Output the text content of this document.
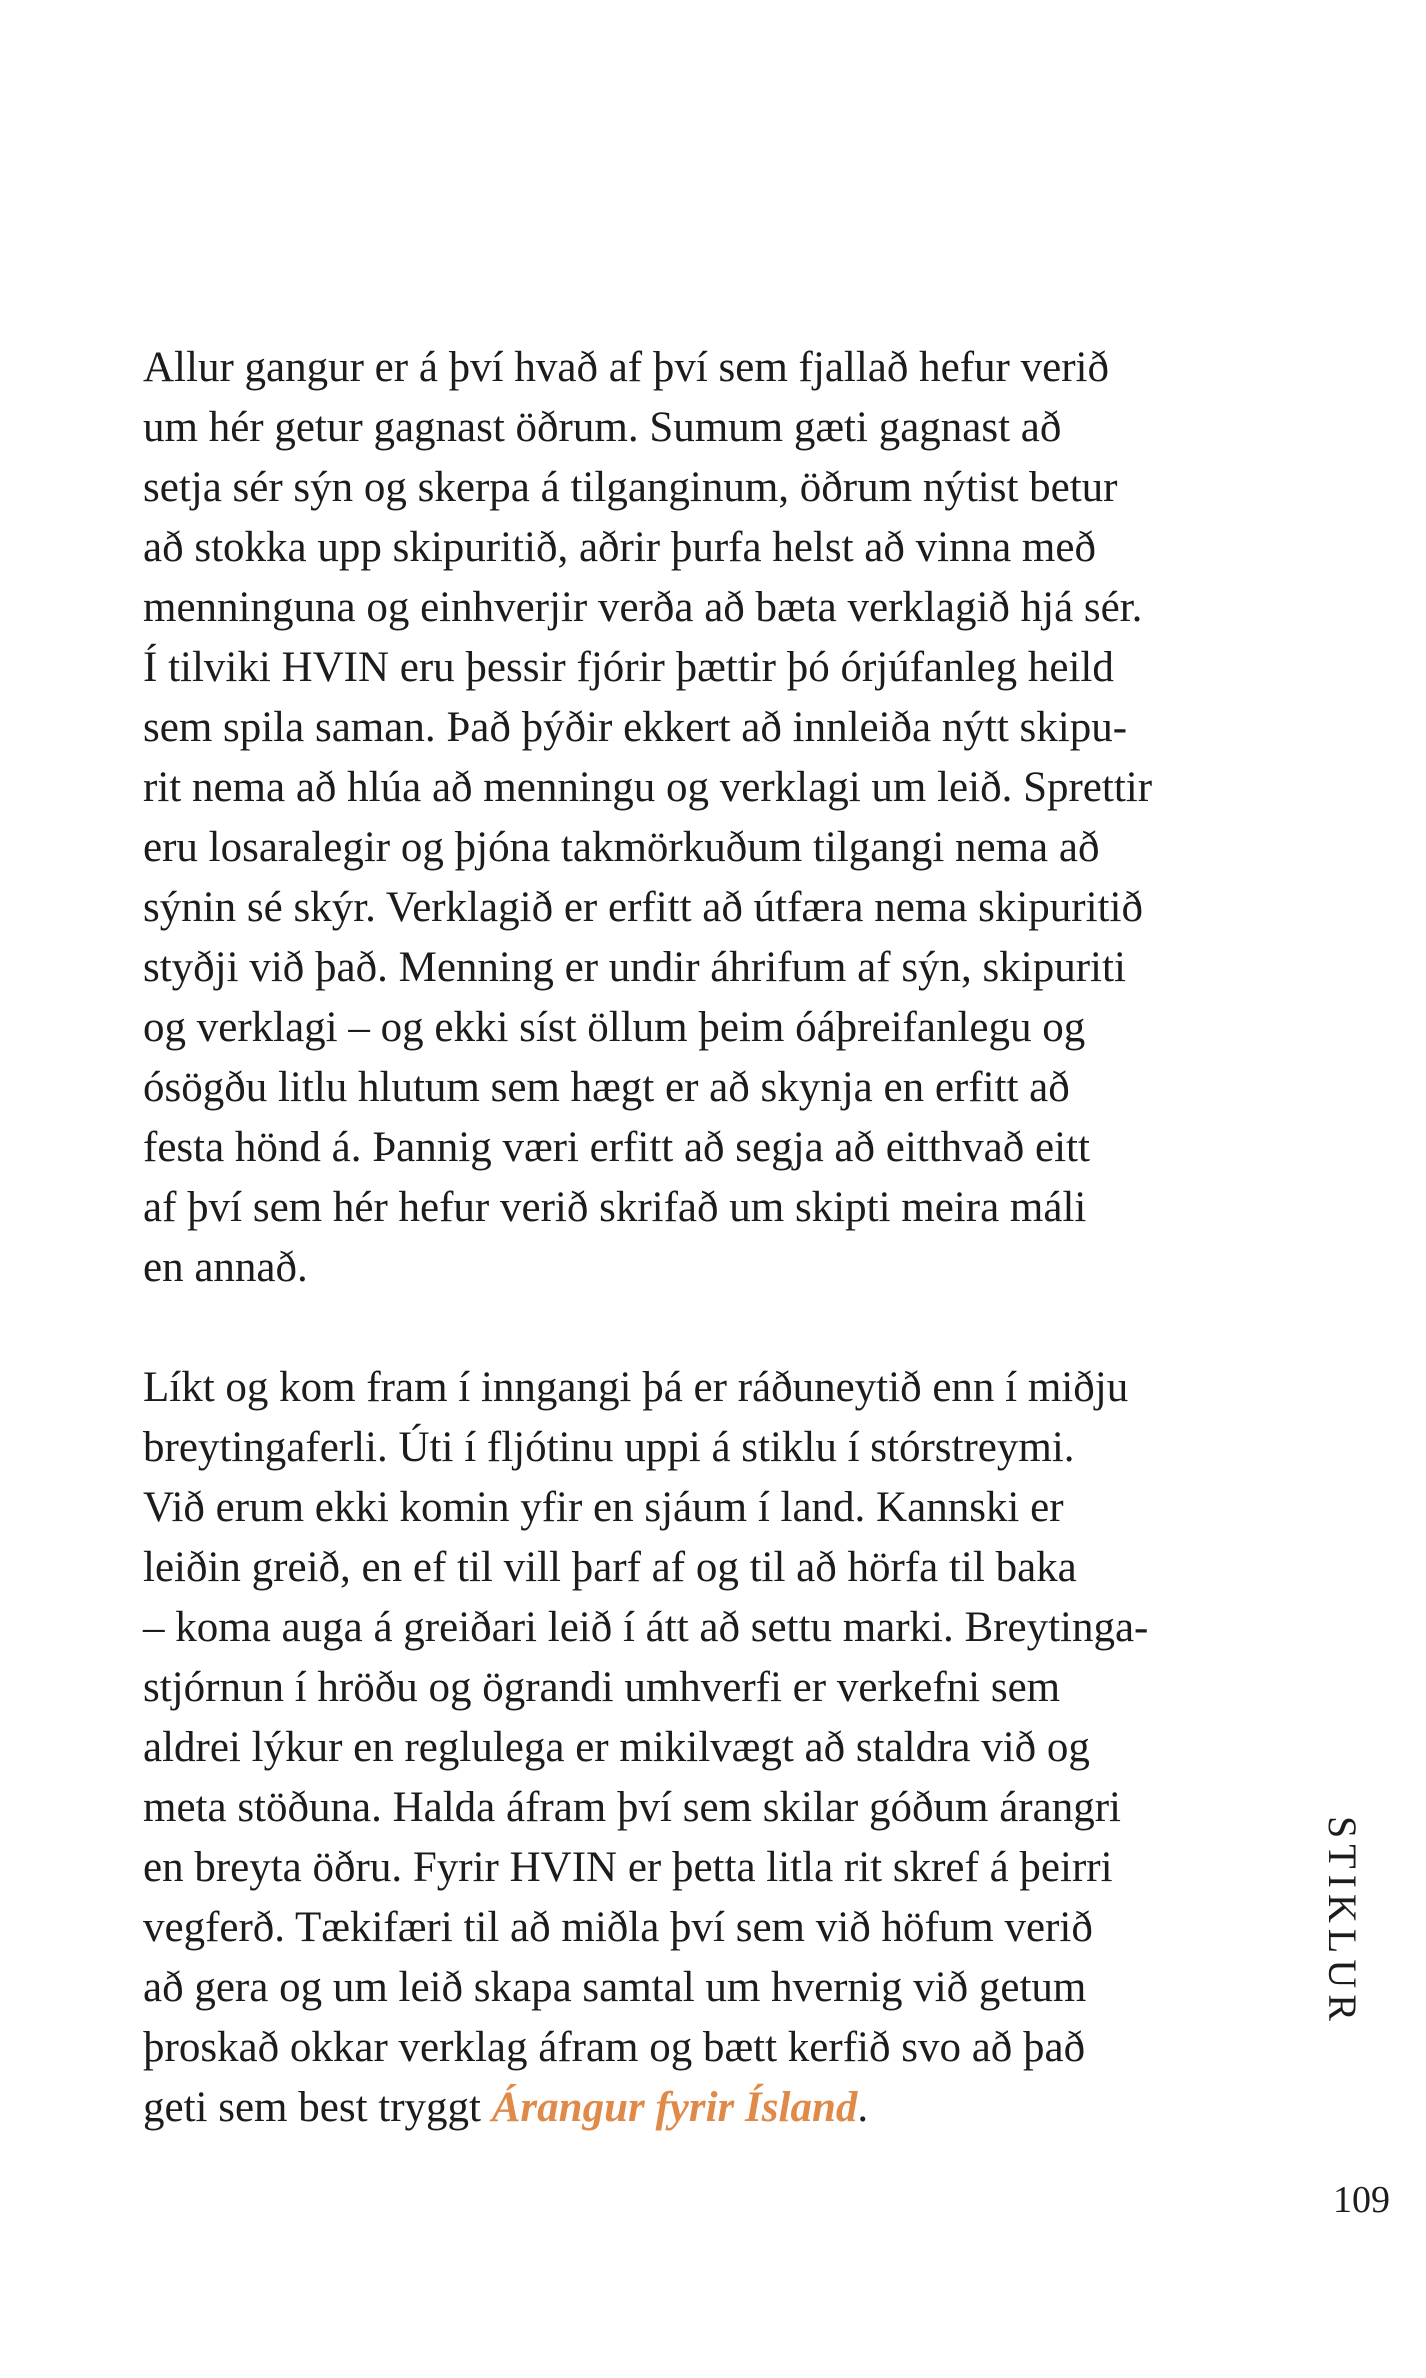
Allur gangur er á því hvað af því sem fjallað hefur verið
um hér getur gagnast öðrum. Sumum gæti gagnast að
setja sér sýn og skerpa á tilganginum, öðrum nýtist betur
að stokka upp skipuritið, aðrir þurfa helst að vinna með
menninguna og einhverjir verða að bæta verklagið hjá sér.
Í tilviki HVIN eru þessir fjórir þættir þó órjúfanleg heild
sem spila saman. Það þýðir ekkert að innleiða nýtt skipu-
rit nema að hlúa að menningu og verklagi um leið. Sprettir
eru losaralegir og þjóna takmörkuðum tilgangi nema að
sýnin sé skýr. Verklagið er erfitt að útfæra nema skipuritið
styðji við það. Menning er undir áhrifum af sýn, skipuriti
og verklagi – og ekki síst öllum þeim óáþreifanlegu og
ósögðu litlu hlutum sem hægt er að skynja en erfitt að
festa hönd á. Þannig væri erfitt að segja að eitthvað eitt
af því sem hér hefur verið skrifað um skipti meira máli
en annað.

Líkt og kom fram í inngangi þá er ráðuneytið enn í miðju
breytingaferli. Úti í fljótinu uppi á stiklu í stórstreymi.
Við erum ekki komin yfir en sjáum í land. Kannski er
leiðin greið, en ef til vill þarf af og til að hörfa til baka
– koma auga á greiðari leið í átt að settu marki. Breytinga-
stjórnun í hröðu og ögrandi umhverfi er verkefni sem
aldrei lýkur en reglulega er mikilvægt að staldra við og
meta stöðuna. Halda áfram því sem skilar góðum árangri
en breyta öðru. Fyrir HVIN er þetta litla rit skref á þeirri
vegferð. Tækifæri til að miðla því sem við höfum verið
að gera og um leið skapa samtal um hvernig við getum
þroskað okkar verklag áfram og bætt kerfið svo að það
geti sem best tryggt Árangur fyrir Ísland.

STIKLUR
109
